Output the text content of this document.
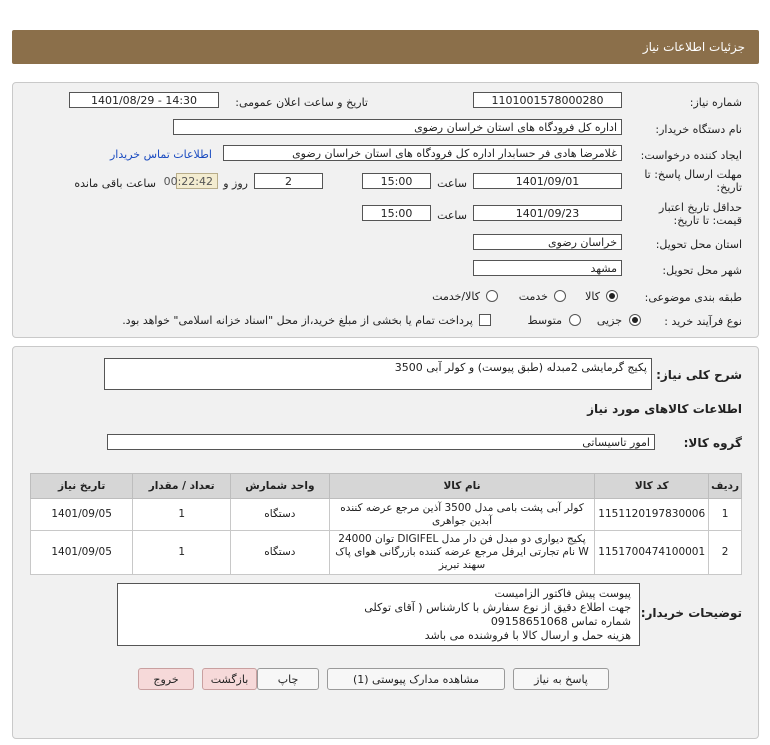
جزئیات اطلاعات نیاز
شماره نیاز:
1101001578000280
تاریخ و ساعت اعلان عمومی:
1401/08/29 - 14:30
نام دستگاه خریدار:
اداره کل فرودگاه های استان خراسان رضوی
ایجاد کننده درخواست:
غلامرضا هادی فر حسابدار اداره کل فرودگاه های استان خراسان رضوی
اطلاعات تماس خریدار
مهلت ارسال پاسخ: تا
تاریخ:
1401/09/01
ساعت
15:00
2
روز و
00:22:42
ساعت باقی مانده
حداقل تاریخ اعتبار
قیمت: تا تاریخ:
1401/09/23
ساعت
15:00
استان محل تحویل:
خراسان رضوی
شهر محل تحویل:
مشهد
طبقه بندی موضوعی:
کالا
خدمت
کالا/خدمت
نوع فرآیند خرید :
جزیی
متوسط
پرداخت تمام یا بخشی از مبلغ خرید،از محل "اسناد خزانه اسلامی" خواهد بود.
شرح کلی نیاز:
پکیج گرمایشی 2مبدله (طبق پیوست) و کولر آبی 3500
اطلاعات کالاهای مورد نیاز
گروه کالا:
امور تاسیساتی
ردیف	کد کالا	نام کالا	واحد شمارش	تعداد / مقدار	تاریخ نیاز
1	1151120197830006	کولر آبی پشت بامی مدل 3500 آذین مرجع عرضه کننده آبدین جواهری	دستگاه	1	1401/09/05
2	1151700474100001	پکیج دیواری دو مبدل فن دار مدل DIGIFEL توان 24000 W نام تجارتی ایرفل مرجع عرضه کننده بازرگانی هوای پاک سهند تبریز	دستگاه	1	1401/09/05
توضیحات خریدار:
پیوست پیش فاکتور الزامیست
جهت اطلاع دقیق از نوع سفارش با کارشناس ( آقای توکلی
شماره تماس 09158651068
هزینه حمل و ارسال کالا با فروشنده می باشد
پاسخ به نیاز
مشاهده مدارک پیوستی (1)
چاپ
بازگشت
خروج
